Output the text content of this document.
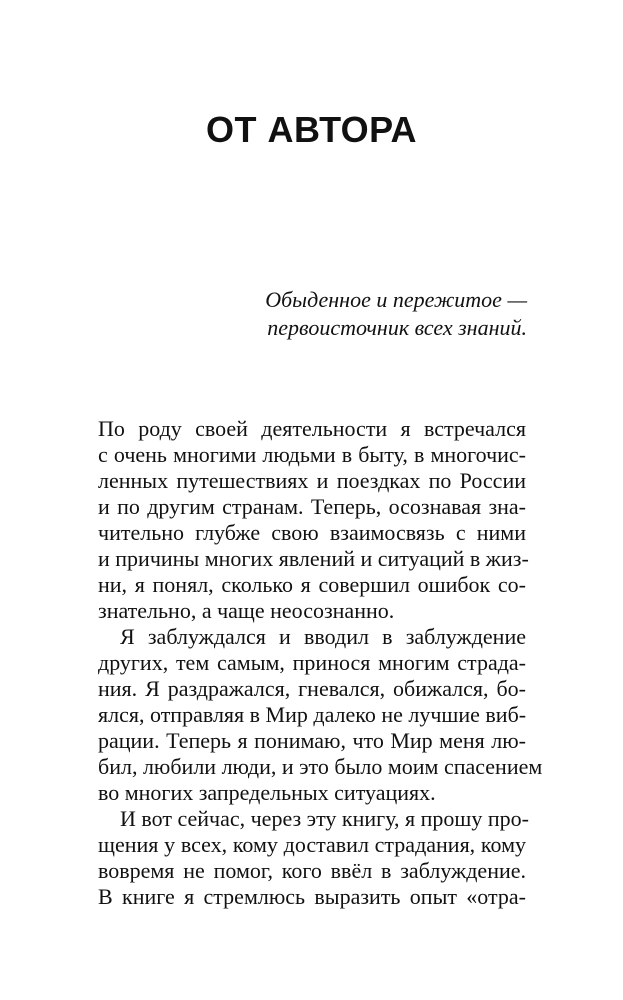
ОТ АВТОРА
Обыденное и пережитое —
первоисточник всех знаний.
По роду своей деятельности я встречался
с очень многими людьми в быту, в многочис-
ленных путешествиях и поездках по России
и по другим странам. Теперь, осознавая зна-
чительно глубже свою взаимосвязь с ними
и причины многих явлений и ситуаций в жиз-
ни, я понял, сколько я совершил ошибок со-
знательно, а чаще неосознанно.
Я заблуждался и вводил в заблуждение
других, тем самым, принося многим страда-
ния. Я раздражался, гневался, обижался, бо-
ялся, отправляя в Мир далеко не лучшие виб-
рации. Теперь я понимаю, что Мир меня лю-
бил, любили люди, и это было моим спасением
во многих запредельных ситуациях.
И вот сейчас, через эту книгу, я прошу про-
щения у всех, кому доставил страдания, кому
вовремя не помог, кого ввёл в заблуждение.
В книге я стремлюсь выразить опыт «отра-
